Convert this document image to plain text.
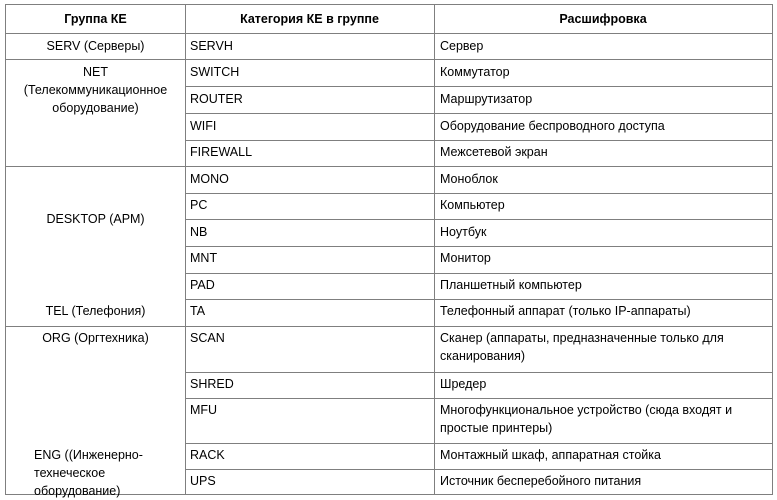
Группа КЕ	Категория КЕ в группе	Расшифровка
SERV (Серверы)
NET (Телекоммуникационное оборудование)
DESKTOP (АРМ)
TEL (Телефония)
ORG (Оргтехника)
ENG ((Инженерно-технеческое оборудование)
SERVH
SWITCH
ROUTER
WIFI
FIREWALL
MONO
PC
NB
MNT
PAD
TA
SCAN
SHRED
MFU
RACK
UPS
Сервер
Коммутатор
Маршрутизатор
Оборудование беспроводного доступа
Межсетевой экран
Моноблок
Компьютер
Ноутбук
Монитор
Планшетный компьютер
Телефонный аппарат (только IP-аппараты)
Сканер (аппараты, предназначенные только для сканирования)
Шредер
Многофункциональное устройство (сюда входят и простые принтеры)
Монтажный шкаф, аппаратная стойка
Источник бесперебойного питания
